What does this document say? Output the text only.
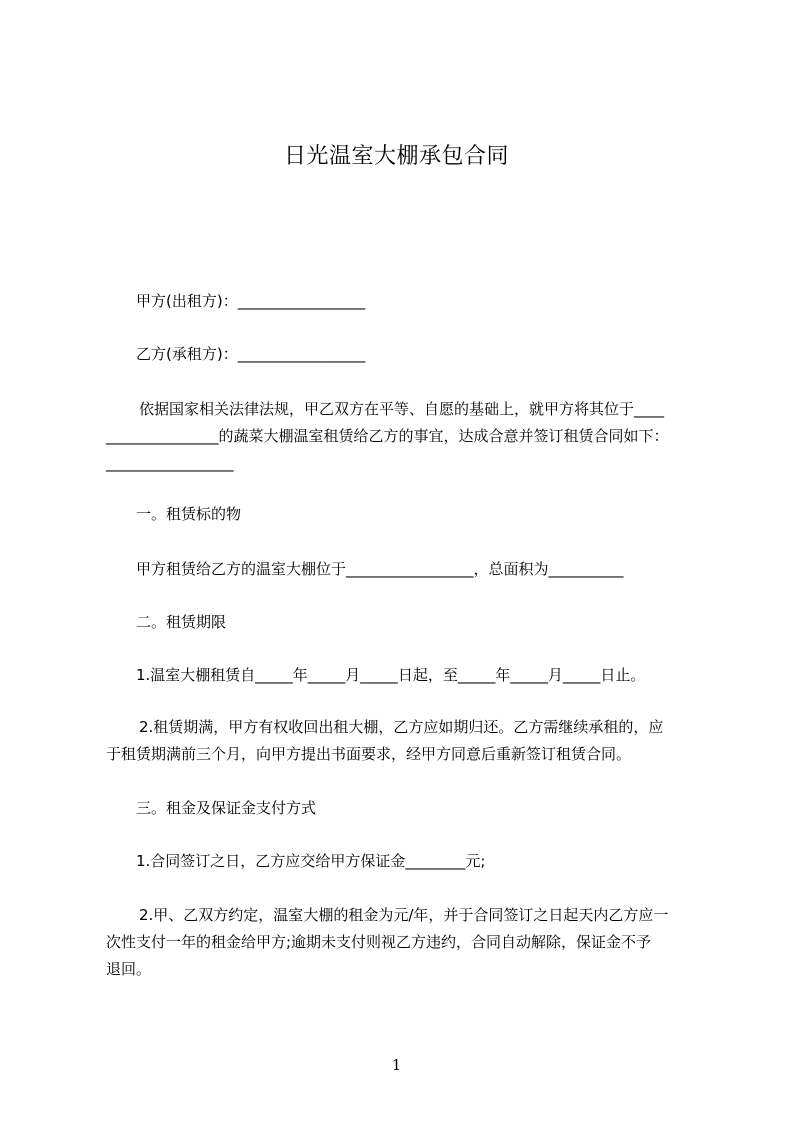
日光温室大棚承包合同
甲方(出租方)：_________________
乙方(承租方)：_________________
依据国家相关法律法规，甲乙双方在平等、自愿的基础上，就甲方将其位于____
_______________的蔬菜大棚温室租赁给乙方的事宜，达成合意并签订租赁合同如下：
_________________
一。租赁标的物
甲方租赁给乙方的温室大棚位于_________________，总面积为__________
二。租赁期限
1.温室大棚租赁自_____年_____月_____日起，至_____年_____月_____日止。
2.租赁期满，甲方有权收回出租大棚，乙方应如期归还。乙方需继续承租的，应
于租赁期满前三个月，向甲方提出书面要求，经甲方同意后重新签订租赁合同。
三。租金及保证金支付方式
1.合同签订之日，乙方应交给甲方保证金________元;
2.甲、乙双方约定，温室大棚的租金为元/年，并于合同签订之日起天内乙方应一
次性支付一年的租金给甲方;逾期未支付则视乙方违约，合同自动解除，保证金不予
退回。
1
